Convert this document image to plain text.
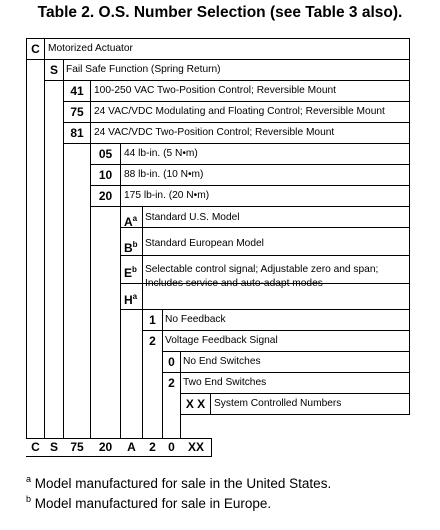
Table 2. O.S. Number Selection (see Table 3 also).
C Motorized Actuator
S Fail Safe Function (Spring Return)
41	100-250 VAC Two-Position Control; Reversible Mount
75	24 VAC/VDC Modulating and Floating Control; Reversible Mount
81	24 VAC/VDC Two-Position Control; Reversible Mount
05	44 lb-in. (5 N•m)
10	88 lb-in. (10 N•m)
20	175 lb-in. (20 N•m)
$A^a$ Standard U.S. Model
$B^b$ Standard European Model
$E^b$ Selectable control signal; Adjustable zero and span;
Includes service and auto-adapt modes
$H^a$
1 No Feedback
2 Voltage Feedback Signal
0 No End Switches
2 Two End Switches
X X System Controlled Numbers
C S	75	20	A	2	0	XX
$^a$ Model manufactured for sale in the United States.
$^b$ Model manufactured for sale in Europe.
